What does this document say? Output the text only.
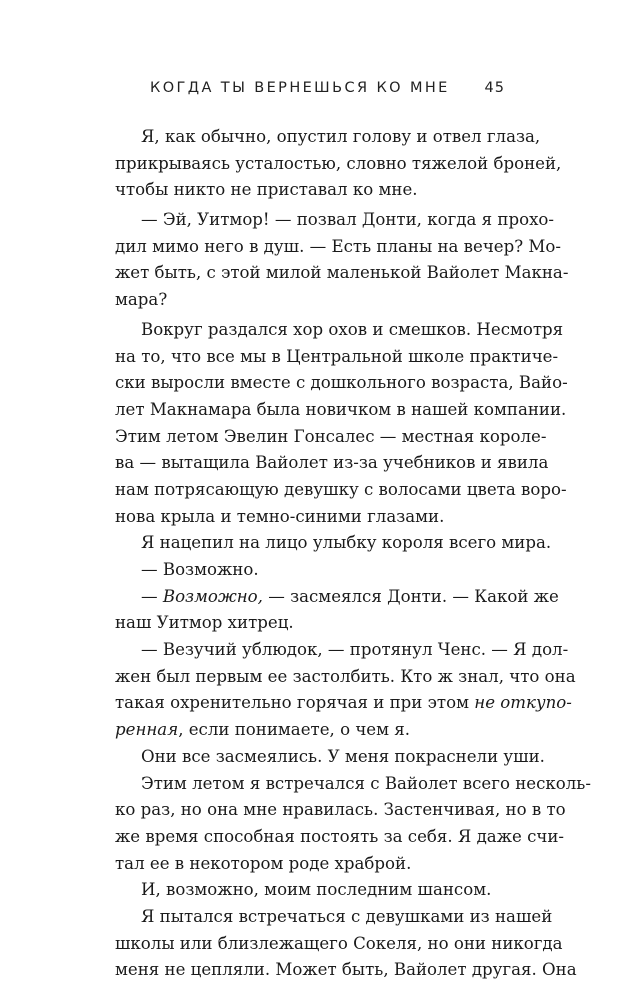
КОГДА ТЫ ВЕРНЕШЬСЯ КО МНЕ 45
Я, как обычно, опустил голову и отвел глаза,
прикрываясь усталостью, словно тяжелой броней,
чтобы никто не приставал ко мне.
— Эй, Уитмор! — позвал Донти, когда я прохо-
дил мимо него в душ. — Есть планы на вечер? Мо-
жет быть, с этой милой маленькой Вайолет Макна-
мара?
Вокруг раздался хор охов и смешков. Несмотря
на то, что все мы в Центральной школе практиче-
ски выросли вместе с дошкольного возраста, Вайо-
лет Макнамара была новичком в нашей компании.
Этим летом Эвелин Гонсалес — местная короле-
ва — вытащила Вайолет из-за учебников и явила
нам потрясающую девушку с волосами цвета воро-
нова крыла и темно-синими глазами.
Я нацепил на лицо улыбку короля всего мира.
— Возможно.
— Возможно, — засмеялся Донти. — Какой же
наш Уитмор хитрец.
— Везучий ублюдок, — протянул Ченс. — Я дол-
жен был первым ее застолбить. Кто ж знал, что она
такая охренительно горячая и при этом не откупо-
ренная, если понимаете, о чем я.
Они все засмеялись. У меня покраснели уши.
Этим летом я встречался с Вайолет всего несколь-
ко раз, но она мне нравилась. Застенчивая, но в то
же время способная постоять за себя. Я даже счи-
тал ее в некотором роде храброй.
И, возможно, моим последним шансом.
Я пытался встречаться с девушками из нашей
школы или близлежащего Сокеля, но они никогда
меня не цепляли. Может быть, Вайолет другая. Она
